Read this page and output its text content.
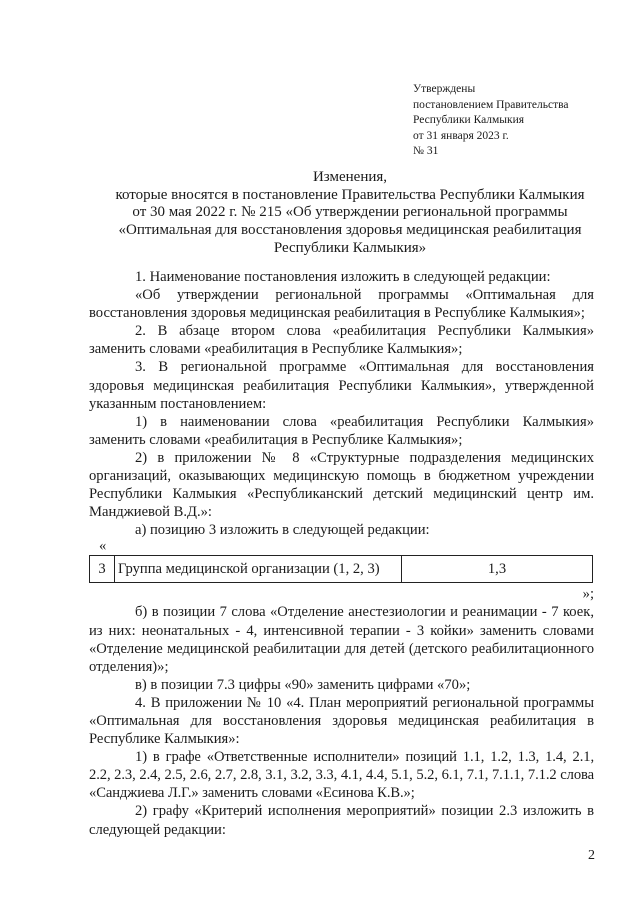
Утверждены
постановлением Правительства
Республики Калмыкия
от 31 января 2023 г.
№ 31
Изменения,
которые вносятся в постановление Правительства Республики Калмыкия
от 30 мая 2022 г. № 215 «Об утверждении региональной программы
«Оптимальная для восстановления здоровья медицинская реабилитация
Республики Калмыкия»

1. Наименование постановления изложить в следующей редакции:

«Об утверждении региональной программы «Оптимальная для восстановления здоровья медицинская реабилитация в Республике Калмыкия»;

2. В абзаце втором слова «реабилитация Республики Калмыкия» заменить словами «реабилитация в Республике Калмыкия»;

3. В региональной программе «Оптимальная для восстановления здоровья медицинская реабилитация Республики Калмыкия», утвержденной указанным постановлением:

1) в наименовании слова «реабилитация Республики Калмыкия» заменить словами «реабилитация в Республике Калмыкия»;

2) в приложении № 8 «Структурные подразделения медицинских организаций, оказывающих медицинскую помощь в бюджетном учреждении Республики Калмыкия «Республиканский детский медицинский центр им. Манджиевой В.Д.»:

а) позицию 3 изложить в следующей редакции:

«

3	Группа медицинской организации (1, 2, 3)	1,3

»;

б) в позиции 7 слова «Отделение анестезиологии и реанимации - 7 коек, из них: неонатальных - 4, интенсивной терапии - 3 койки» заменить словами «Отделение медицинской реабилитации для детей (детского реабилитационного отделения)»;

в) в позиции 7.3 цифры «90» заменить цифрами «70»;

4. В приложении № 10 «4. План мероприятий региональной программы «Оптимальная для восстановления здоровья медицинская реабилитация в Республике Калмыкия»:

1) в графе «Ответственные исполнители» позиций 1.1, 1.2, 1.3, 1.4, 2.1, 2.2, 2.3, 2.4, 2.5, 2.6, 2.7, 2.8, 3.1, 3.2, 3.3, 4.1, 4.4, 5.1, 5.2, 6.1, 7.1, 7.1.1, 7.1.2 слова «Санджиева Л.Г.» заменить словами «Есинова К.В.»;

2) графу «Критерий исполнения мероприятий» позиции 2.3 изложить в следующей редакции:

2
